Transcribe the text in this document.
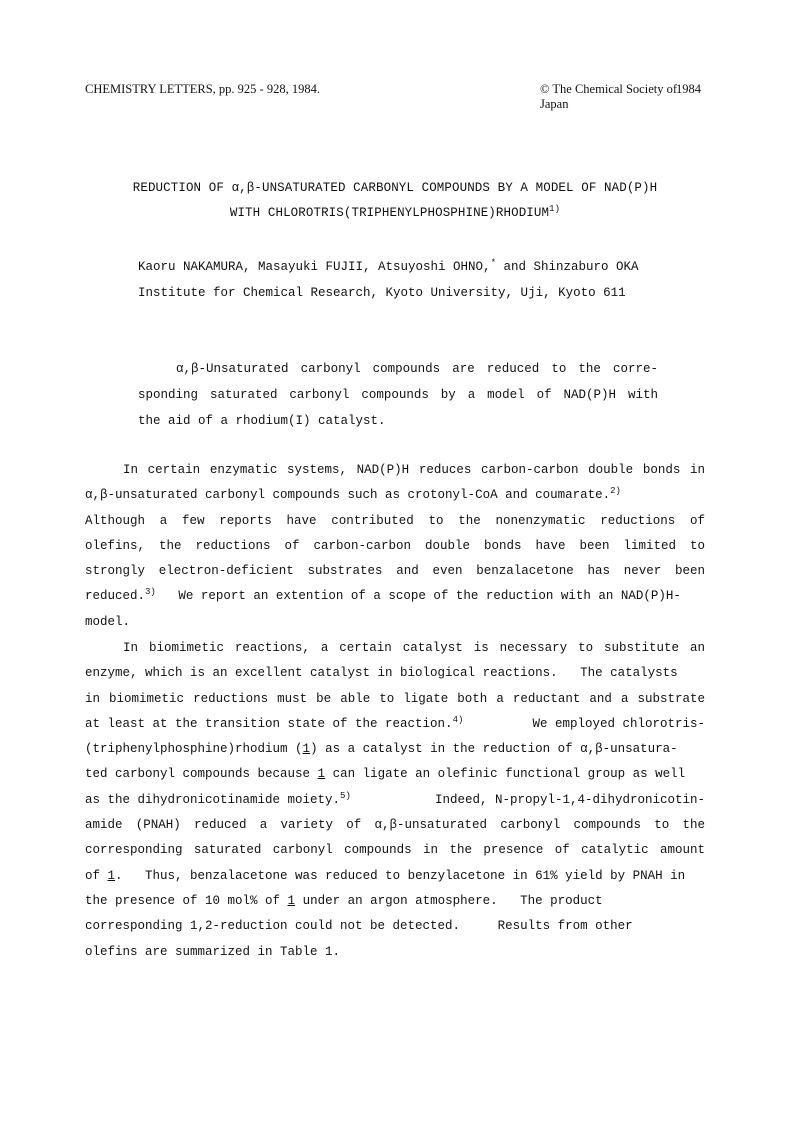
CHEMISTRY LETTERS, pp. 925 - 928, 1984.	© The Chemical Society of Japan
1984
REDUCTION OF α,β-UNSATURATED CARBONYL COMPOUNDS BY A MODEL OF NAD(P)H
WITH CHLOROTRIS(TRIPHENYLPHOSPHINE)RHODIUM$^{1)}$
Kaoru NAKAMURA, Masayuki FUJII, Atsuyoshi OHNO,* and Shinzaburo OKA
Institute for Chemical Research, Kyoto University, Uji, Kyoto 611
α,β-Unsaturated carbonyl compounds are reduced to the corre-
sponding saturated carbonyl compounds by a model of NAD(P)H with
the aid of a rhodium(I) catalyst.
In certain enzymatic systems, NAD(P)H reduces carbon-carbon double bonds in
α,β-unsaturated carbonyl compounds such as crotonyl-CoA and coumarate.$^{2)}$
Although a few reports have contributed to the nonenzymatic reductions of
olefins, the reductions of carbon-carbon double bonds have been limited to
strongly electron-deficient substrates and even benzalacetone has never been
reduced.$^{3)}$ We report an extention of a scope of the reduction with an NAD(P)H-
model.
In biomimetic reactions, a certain catalyst is necessary to substitute an
enzyme, which is an excellent catalyst in biological reactions.   The catalysts
in biomimetic reductions must be able to ligate both a reductant and a substrate
at least at the transition state of the reaction.$^{4)}$	We employed chlorotris-
(triphenylphosphine)rhodium (1) as a catalyst in the reduction of α,β-unsatura-
ted carbonyl compounds because 1 can ligate an olefinic functional group as well
as the dihydronicotinamide moiety.$^{5)}$	Indeed, N-propyl-1,4-dihydronicotin-
amide (PNAH) reduced a variety of α,β-unsaturated carbonyl compounds to the
corresponding saturated carbonyl compounds in the presence of catalytic amount
of 1.   Thus, benzalacetone was reduced to benzylacetone in 61% yield by PNAH in
the presence of 10 mol% of 1 under an argon atmosphere.   The product
corresponding 1,2-reduction could not be detected.     Results from other
olefins are summarized in Table 1.
